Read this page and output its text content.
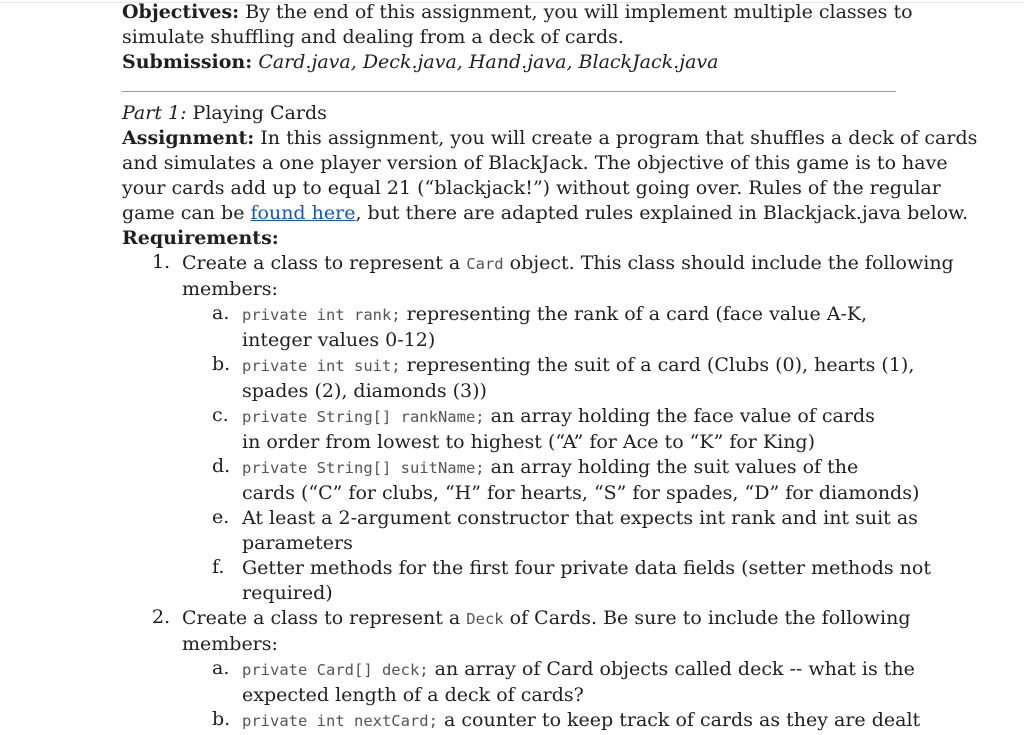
Objectives: By the end of this assignment, you will implement multiple classes to

simulate shuffling and dealing from a deck of cards.

Submission: Card.java, Deck.java, Hand.java, BlackJack.java

Part 1: Playing Cards

Assignment: In this assignment, you will create a program that shuffles a deck of cards

and simulates a one player version of BlackJack. The objective of this game is to have

your cards add up to equal 21 (“blackjack!”) without going over. Rules of the regular

game can be found here, but there are adapted rules explained in Blackjack.java below.

Requirements:

1. Create a class to represent a Card object. This class should include the following

members:

a. private int rank; representing the rank of a card (face value A-K,

integer values 0-12)

b. private int suit; representing the suit of a card (Clubs (0), hearts (1),

spades (2), diamonds (3))

c. private String[] rankName; an array holding the face value of cards

in order from lowest to highest (“A” for Ace to “K” for King)

d. private String[] suitName; an array holding the suit values of the

cards (“C” for clubs, “H” for hearts, “S” for spades, “D” for diamonds)

e. At least a 2-argument constructor that expects int rank and int suit as

parameters

f. Getter methods for the first four private data fields (setter methods not

required)

2. Create a class to represent a Deck of Cards. Be sure to include the following

members:

a. private Card[] deck; an array of Card objects called deck -- what is the

expected length of a deck of cards?

b. private int nextCard; a counter to keep track of cards as they are dealt
